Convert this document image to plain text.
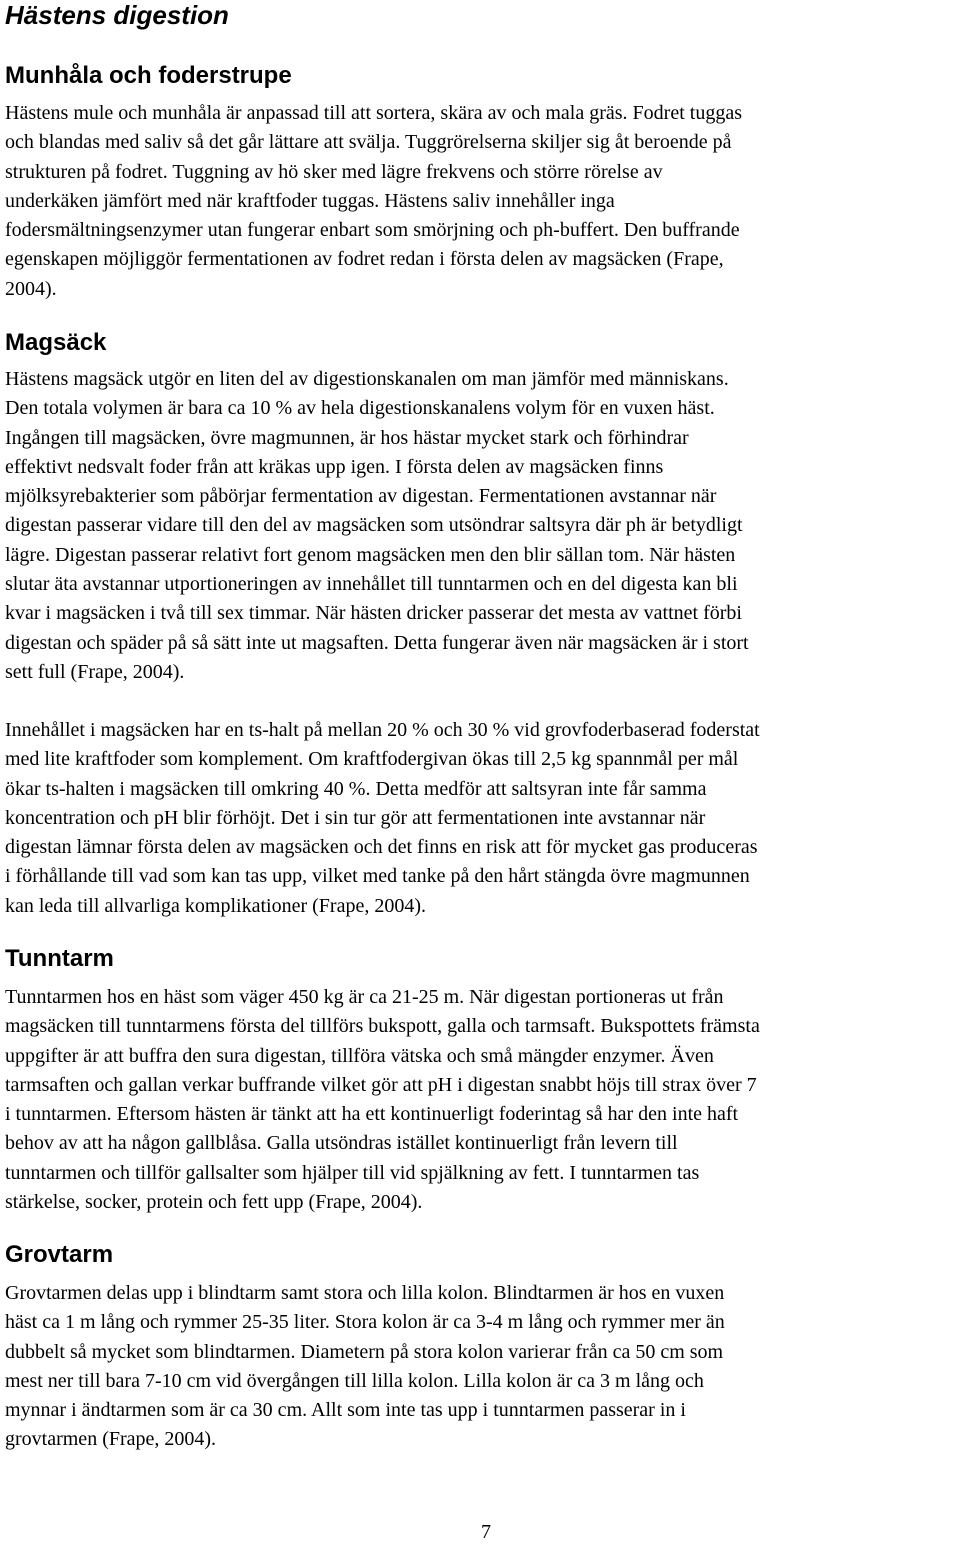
Hästens digestion
Munhåla och foderstrupe
Hästens mule och munhåla är anpassad till att sortera, skära av och mala gräs. Fodret tuggas
och blandas med saliv så det går lättare att svälja. Tuggrörelserna skiljer sig åt beroende på
strukturen på fodret. Tuggning av hö sker med lägre frekvens och större rörelse av
underkäken jämfört med när kraftfoder tuggas. Hästens saliv innehåller inga
fodersmältningsenzymer utan fungerar enbart som smörjning och ph-buffert. Den buffrande
egenskapen möjliggör fermentationen av fodret redan i första delen av magsäcken (Frape,
2004).
Magsäck
Hästens magsäck utgör en liten del av digestionskanalen om man jämför med människans.
Den totala volymen är bara ca 10 % av hela digestionskanalens volym för en vuxen häst.
Ingången till magsäcken, övre magmunnen, är hos hästar mycket stark och förhindrar
effektivt nedsvalt foder från att kräkas upp igen. I första delen av magsäcken finns
mjölksyrebakterier som påbörjar fermentation av digestan. Fermentationen avstannar när
digestan passerar vidare till den del av magsäcken som utsöndrar saltsyra där ph är betydligt
lägre. Digestan passerar relativt fort genom magsäcken men den blir sällan tom. När hästen
slutar äta avstannar utportioneringen av innehållet till tunntarmen och en del digesta kan bli
kvar i magsäcken i två till sex timmar. När hästen dricker passerar det mesta av vattnet förbi
digestan och späder på så sätt inte ut magsaften. Detta fungerar även när magsäcken är i stort
sett full (Frape, 2004).
Innehållet i magsäcken har en ts-halt på mellan 20 % och 30 % vid grovfoderbaserad foderstat
med lite kraftfoder som komplement. Om kraftfodergivan ökas till 2,5 kg spannmål per mål
ökar ts-halten i magsäcken till omkring 40 %. Detta medför att saltsyran inte får samma
koncentration och pH blir förhöjt. Det i sin tur gör att fermentationen inte avstannar när
digestan lämnar första delen av magsäcken och det finns en risk att för mycket gas produceras
i förhållande till vad som kan tas upp, vilket med tanke på den hårt stängda övre magmunnen
kan leda till allvarliga komplikationer (Frape, 2004).
Tunntarm
Tunntarmen hos en häst som väger 450 kg är ca 21-25 m. När digestan portioneras ut från
magsäcken till tunntarmens första del tillförs bukspott, galla och tarmsaft. Bukspottets främsta
uppgifter är att buffra den sura digestan, tillföra vätska och små mängder enzymer. Även
tarmsaften och gallan verkar buffrande vilket gör att pH i digestan snabbt höjs till strax över 7
i tunntarmen. Eftersom hästen är tänkt att ha ett kontinuerligt foderintag så har den inte haft
behov av att ha någon gallblåsa. Galla utsöndras istället kontinuerligt från levern till
tunntarmen och tillför gallsalter som hjälper till vid spjälkning av fett. I tunntarmen tas
stärkelse, socker, protein och fett upp (Frape, 2004).
Grovtarm
Grovtarmen delas upp i blindtarm samt stora och lilla kolon. Blindtarmen är hos en vuxen
häst ca 1 m lång och rymmer 25-35 liter. Stora kolon är ca 3-4 m lång och rymmer mer än
dubbelt så mycket som blindtarmen. Diametern på stora kolon varierar från ca 50 cm som
mest ner till bara 7-10 cm vid övergången till lilla kolon. Lilla kolon är ca 3 m lång och
mynnar i ändtarmen som är ca 30 cm. Allt som inte tas upp i tunntarmen passerar in i
grovtarmen (Frape, 2004).

7
